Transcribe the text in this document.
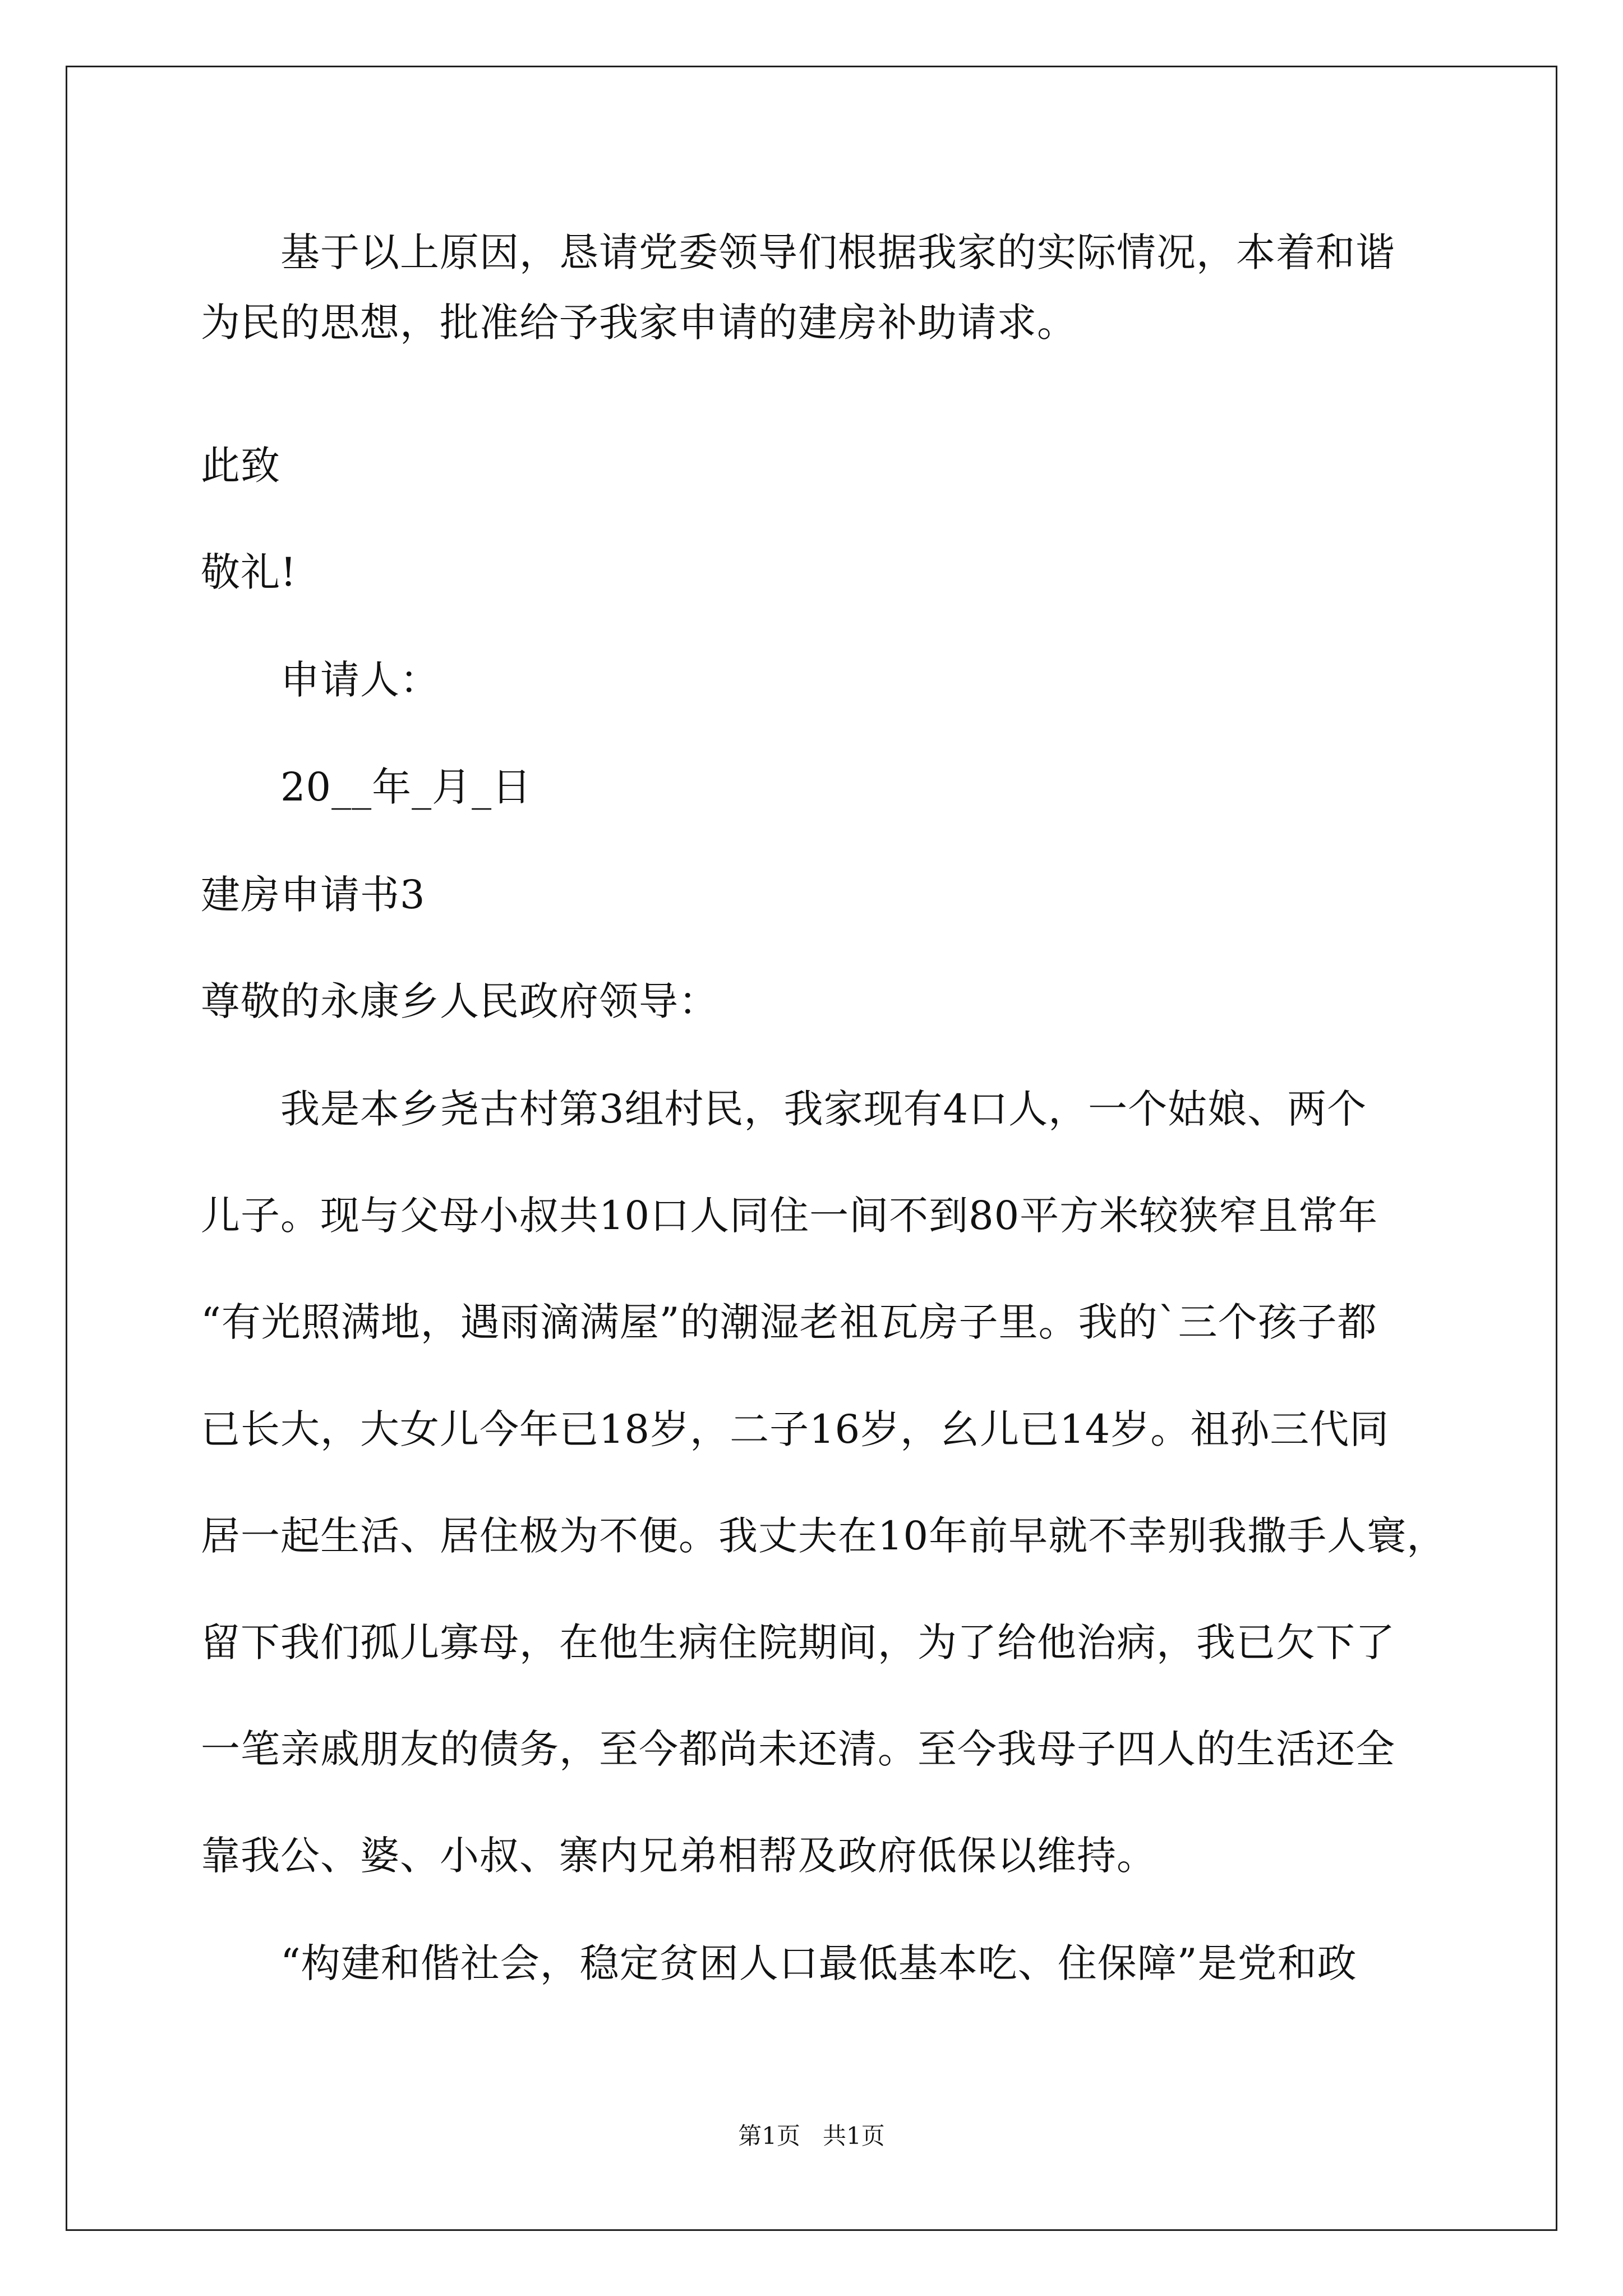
基于以上原因，恳请党委领导们根据我家的实际情况，本着和谐
为民的思想，批准给予我家申请的建房补助请求。
此致
敬礼!
申请人：
20__年_月_日
建房申请书3
尊敬的永康乡人民政府领导：
我是本乡尧古村第3组村民，我家现有4口人，一个姑娘、两个
儿子。现与父母小叔共10口人同住一间不到80平方米较狭窄且常年
“有光照满地，遇雨滴满屋”的潮湿老祖瓦房子里。我的`三个孩子都
已长大，大女儿今年已18岁，二子16岁，幺儿已14岁。祖孙三代同
居一起生活、居住极为不便。我丈夫在10年前早就不幸别我撒手人寰，
留下我们孤儿寡母，在他生病住院期间，为了给他治病，我已欠下了
一笔亲戚朋友的债务，至今都尚未还清。至今我母子四人的生活还全
靠我公、婆、小叔、寨内兄弟相帮及政府低保以维持。
“构建和偕社会，稳定贫困人口最低基本吃、住保障”是党和政
第1页   共1页
